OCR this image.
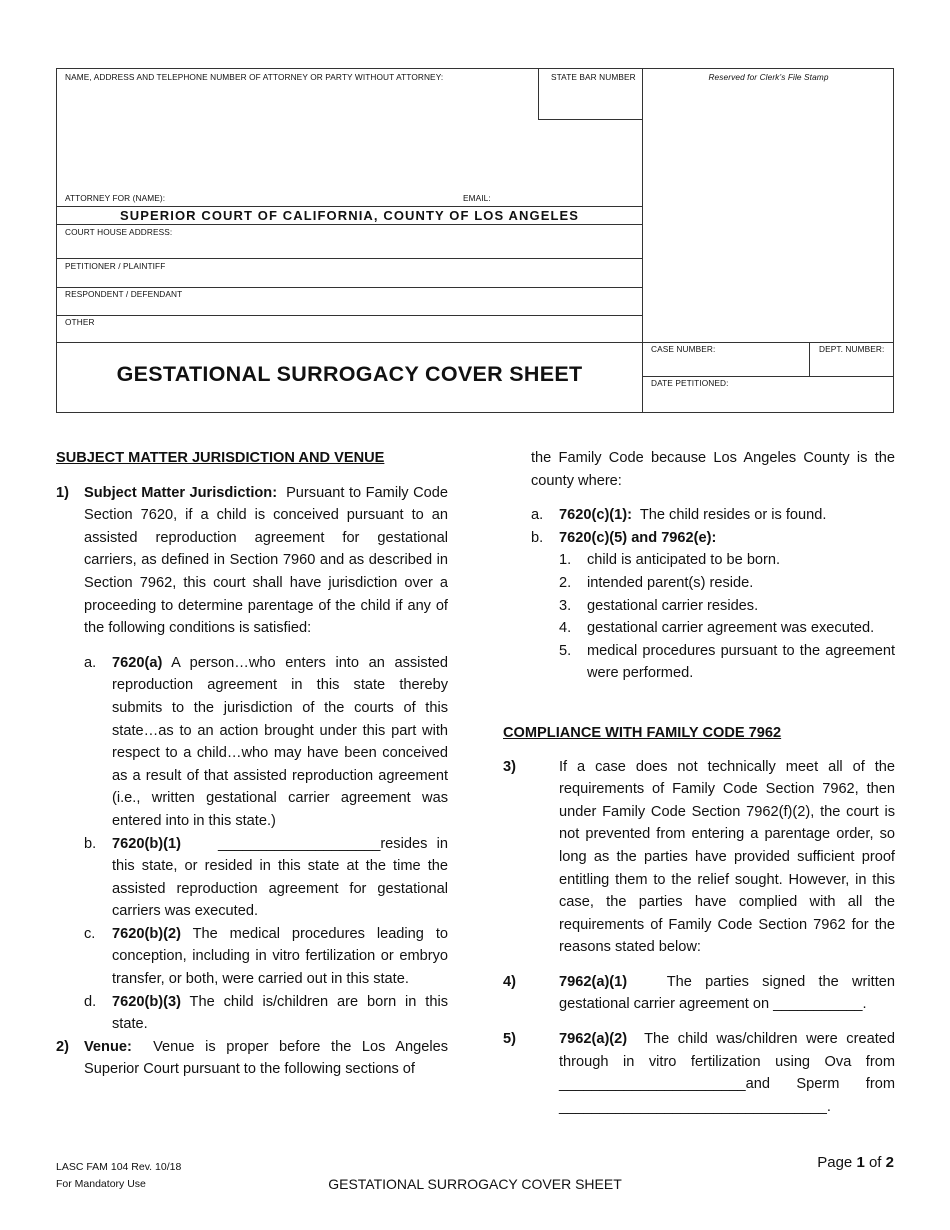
NAME, ADDRESS AND TELEPHONE NUMBER OF ATTORNEY OR PARTY WITHOUT ATTORNEY:	STATE BAR NUMBER	Reserved for Clerk’s File Stamp
ATTORNEY FOR (NAME):	EMAIL:
SUPERIOR COURT OF CALIFORNIA, COUNTY OF LOS ANGELES
COURT HOUSE ADDRESS:
PETITIONER / PLAINTIFF
RESPONDENT / DEFENDANT
OTHER
GESTATIONAL SURROGACY COVER SHEET
CASE NUMBER:	DEPT. NUMBER:
DATE PETITIONED:
SUBJECT MATTER JURISDICTION AND VENUE
1) Subject Matter Jurisdiction: Pursuant to Family Code Section 7620, if a child is conceived pursuant to an assisted reproduction agreement for gestational carriers, as defined in Section 7960 and as described in Section 7962, this court shall have jurisdiction over a proceeding to determine parentage of the child if any of the following conditions is satisfied:
a. 7620(a) A person…who enters into an assisted reproduction agreement in this state thereby submits to the jurisdiction of the courts of this state…as to an action brought under this part with respect to a child…who may have been conceived as a result of that assisted reproduction agreement (i.e., written gestational carrier agreement was entered into in this state.)
b. 7620(b)(1)	____________________resides in this state, or resided in this state at the time the assisted reproduction agreement for gestational carriers was executed.
c. 7620(b)(2) The medical procedures leading to conception, including in vitro fertilization or embryo transfer, or both, were carried out in this state.
d. 7620(b)(3) The child is/children are born in this state.
2) Venue: Venue is proper before the Los Angeles Superior Court pursuant to the following sections of
the Family Code because Los Angeles County is the county where:
a. 7620(c)(1): The child resides or is found.
b. 7620(c)(5) and 7962(e):
1. child is anticipated to be born.
2. intended parent(s) reside.
3. gestational carrier resides.
4. gestational carrier agreement was executed.
5. medical procedures pursuant to the agreement were performed.
COMPLIANCE WITH FAMILY CODE 7962
3)	If a case does not technically meet all of the requirements of Family Code Section 7962, then under Family Code Section 7962(f)(2), the court is not prevented from entering a parentage order, so long as the parties have provided sufficient proof entitling them to the relief sought. However, in this case, the parties have complied with all the requirements of Family Code Section 7962 for the reasons stated below:
4)	7962(a)(1)	The parties signed the written gestational carrier agreement on ___________.
5)	7962(a)(2) The child was/children were created through in vitro fertilization using Ova from _______________________and Sperm from _________________________________.
LASC FAM 104 Rev. 10/18
For Mandatory Use	GESTATIONAL SURROGACY COVER SHEET
Page 1 of 2
